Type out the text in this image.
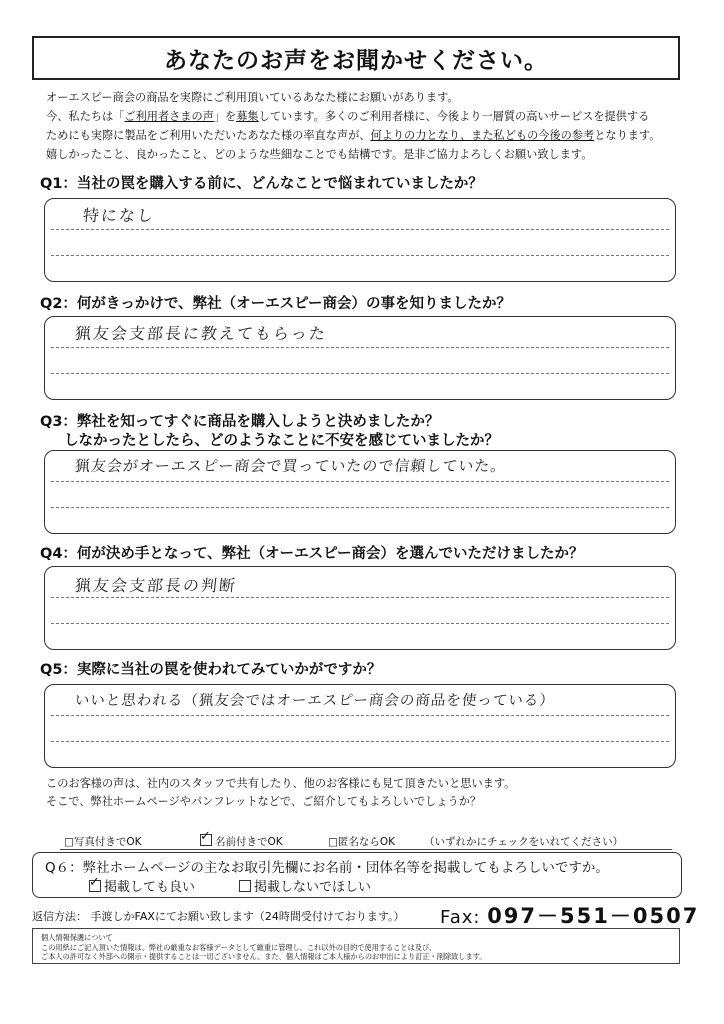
あなたのお声をお聞かせください。
オーエスピー商会の商品を実際にご利用頂いているあなた様にお願いがあります。
今、私たちは「ご利用者さまの声」を募集しています。多くのご利用者様に、今後より一層質の高いサービスを提供する
ためにも実際に製品をご利用いただいたあなた様の率直な声が、何よりの力となり、また私どもの今後の参考となります。
嬉しかったこと、良かったこと、どのような些細なことでも結構です。是非ご協力よろしくお願い致します。
Q1：当社の罠を購入する前に、どんなことで悩まれていましたか？
特になし
Q2：何がきっかけで、弊社（オーエスピー商会）の事を知りましたか？
猟友会支部長に教えてもらった
Q3：弊社を知ってすぐに商品を購入しようと決めましたか？
しなかったとしたら、どのようなことに不安を感じていましたか？
猟友会がオーエスピー商会で買っていたので信頼していた。
Q4：何が決め手となって、弊社（オーエスピー商会）を選んでいただけましたか？
猟友会支部長の判断
Q5：実際に当社の罠を使われてみていかがですか？
いいと思われる（猟友会ではオーエスピー商会の商品を使っている）
このお客様の声は、社内のスタッフで共有したり、他のお客様にも見て頂きたいと思います。
そこで、弊社ホームページやパンフレットなどで、ご紹介してもよろしいでしょうか？
□写真付きでOK
✓	名前付きでOK	□匿名ならOK	（いずれかにチェックをいれてください）
Q６：弊社ホームページの主なお取引先欄にお名前・団体名等を掲載してもよろしいですか。
✓掲載しても良い	掲載しないでほしい
返信方法： 手渡しかFAXにてお願い致します（24時間受付けております。） Fax: 097－551－0507
個人情報保護について
この用紙にご記入頂いた情報は、弊社の厳重なお客様データとして厳重に管理し、これ以外の目的で使用することは及び、
ご本人の許可なく外部への開示・提供することは一切ございません。また、個人情報はご本人様からのお申出により訂正・削除致します。
